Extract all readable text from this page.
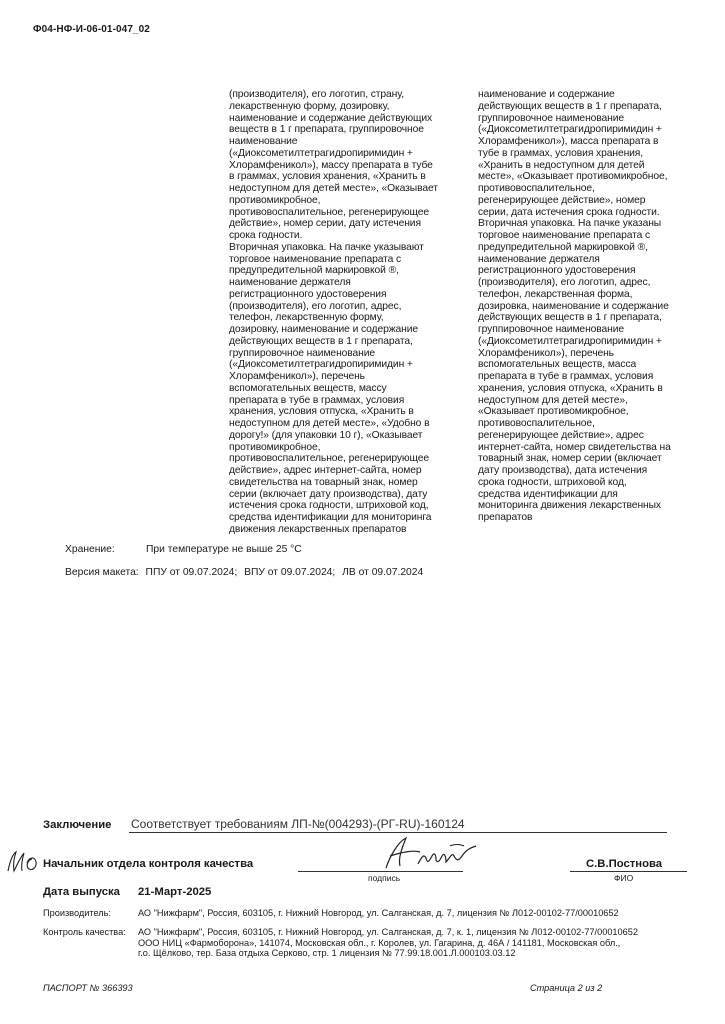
Ф04-НФ-И-06-01-047_02
(производителя), его логотип, страну,
лекарственную форму, дозировку,
наименование и содержание действующих
веществ в 1 г препарата, группировочное
наименование
(«Диоксометилтетрагидропиримидин +
Хлорамфеникол»), массу препарата в тубе
в граммах, условия хранения, «Хранить в
недоступном для детей месте», «Оказывает
противомикробное,
противовоспалительное, регенерирующее
действие», номер серии, дату истечения
срока годности.
Вторичная упаковка. На пачке указывают
торговое наименование препарата с
предупредительной маркировкой ®,
наименование держателя
регистрационного удостоверения
(производителя), его логотип, адрес,
телефон, лекарственную форму,
дозировку, наименование и содержание
действующих веществ в 1 г препарата,
группировочное наименование
(«Диоксометилтетрагидропиримидин +
Хлорамфеникол»), перечень
вспомогательных веществ, массу
препарата в тубе в граммах, условия
хранения, условия отпуска, «Хранить в
недоступном для детей месте», «Удобно в
дорогу!» (для упаковки 10 г), «Оказывает
противомикробное,
противовоспалительное, регенерирующее
действие», адрес интернет-сайта, номер
свидетельства на товарный знак, номер
серии (включает дату производства), дату
истечения срока годности, штриховой код,
средства идентификации для мониторинга
движения лекарственных препаратов
наименование и содержание
действующих веществ в 1 г препарата,
группировочное наименование
(«Диоксометилтетрагидропиримидин +
Хлорамфеникол»), масса препарата в
тубе в граммах, условия хранения,
«Хранить в недоступном для детей
месте», «Оказывает противомикробное,
противовоспалительное,
регенерирующее действие», номер
серии, дата истечения срока годности.
Вторичная упаковка. На пачке указаны
торговое наименование препарата с
предупредительной маркировкой ®,
наименование держателя
регистрационного удостоверения
(производителя), его логотип, адрес,
телефон, лекарственная форма,
дозировка, наименование и содержание
действующих веществ в 1 г препарата,
группировочное наименование
(«Диоксометилтетрагидропиримидин +
Хлорамфеникол»), перечень
вспомогательных веществ, масса
препарата в тубе в граммах, условия
хранения, условия отпуска, «Хранить в
недоступном для детей месте»,
«Оказывает противомикробное,
противовоспалительное,
регенерирующее действие», адрес
интернет-сайта, номер свидетельства на
товарный знак, номер серии (включает
дату производства), дата истечения
срока годности, штриховой код,
средства идентификации для
мониторинга движения лекарственных
препаратов
Хранение:	При температуре не выше 25 °С
Версия макета: ППУ от 09.07.2024; ВПУ от 09.07.2024; ЛВ от 09.07.2024
Заключение Соответствует требованиям ЛП-№(004293)-(РГ-RU)-160124
Начальник отдела контроля качества
подпись
С.В.Постнова
ФИО
Дата выпуска 21-Март-2025
Производитель:	АО "Нижфарм", Россия, 603105, г. Нижний Новгород, ул. Салганская, д. 7, лицензия № Л012-00102-77/00010652
Контроль качества: АО "Нижфарм", Россия, 603105, г. Нижний Новгород, ул. Салганская, д. 7, к. 1, лицензия № Л012-00102-77/00010652
ООО НИЦ «Фармоборона», 141074, Московская обл., г. Королев, ул. Гагарина, д. 46А / 141181, Московская обл.,
г.о. Щёлково, тер. База отдыха Серково, стр. 1 лицензия № 77.99.18.001.Л.000103.03.12
ПАСПОРТ № 366393	Страница 2 из 2
